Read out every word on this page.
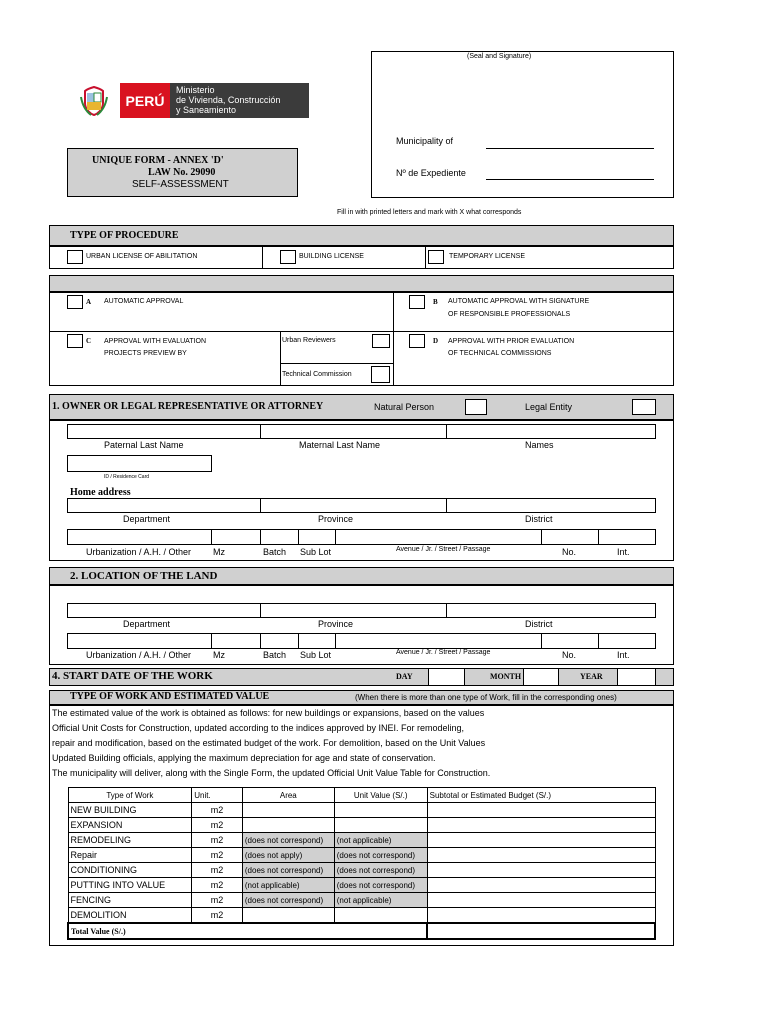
PERÚ
Ministerio
de Vivienda, Construcción
y Saneamiento
(Seal and Signature)
Municipality of
Nº de Expediente
UNIQUE FORM - ANNEX 'D'
LAW No. 29090
SELF-ASSESSMENT
Fill in with printed letters and mark with X what corresponds
TYPE OF PROCEDURE
URBAN LICENSE OF ABILITATION	BUILDING LICENSE	TEMPORARY LICENSE
A AUTOMATIC APPROVAL	B AUTOMATIC APPROVAL WITH SIGNATURE
OF RESPONSIBLE PROFESSIONALS
C APPROVAL WITH EVALUATION
PROJECTS PREVIEW BY
Urban Reviewers
Technical Commission
D APPROVAL WITH PRIOR EVALUATION
OF TECHNICAL COMMISSIONS
1. OWNER OR LEGAL REPRESENTATIVE OR ATTORNEY	Natural Person	Legal Entity
Paternal Last Name	Maternal Last Name	Names
ID / Residence Card
Home address
Department	Province	District
Urbanization / A.H. / Other Mz	Batch Sub Lot	Avenue / Jr. / Street / Passage	No.	Int.
2. LOCATION OF THE LAND
Department	Province	District
Urbanization / A.H. / Other Mz	Batch Sub Lot	Avenue / Jr. / Street / Passage	No.	Int.
4. START DATE OF THE WORK	DAY	MONTH	YEAR
TYPE OF WORK AND ESTIMATED VALUE	(When there is more than one type of Work, fill in the corresponding ones)
The estimated value of the work is obtained as follows: for new buildings or expansions, based on the values
Official Unit Costs for Construction, updated according to the indices approved by INEI. For remodeling,
repair and modification, based on the estimated budget of the work. For demolition, based on the Unit Values
Updated Building officials, applying the maximum depreciation for age and state of conservation.
The municipality will deliver, along with the Single Form, the updated Official Unit Value Table for Construction.
Type of Work	Unit.	Area	Unit Value (S/.)	Subtotal or Estimated Budget (S/.)
NEW BUILDING	m2			
EXPANSION	m2			
REMODELING	m2	(does not correspond)	(not applicable)	
Repair	m2	(does not apply)	(does not correspond)	
CONDITIONING	m2	(does not correspond)	(does not correspond)	
PUTTING INTO VALUE	m2	(not applicable)	(does not correspond)	
FENCING	m2	(does not correspond)	(not applicable)	
DEMOLITION	m2			
Total Value (S/.)				
